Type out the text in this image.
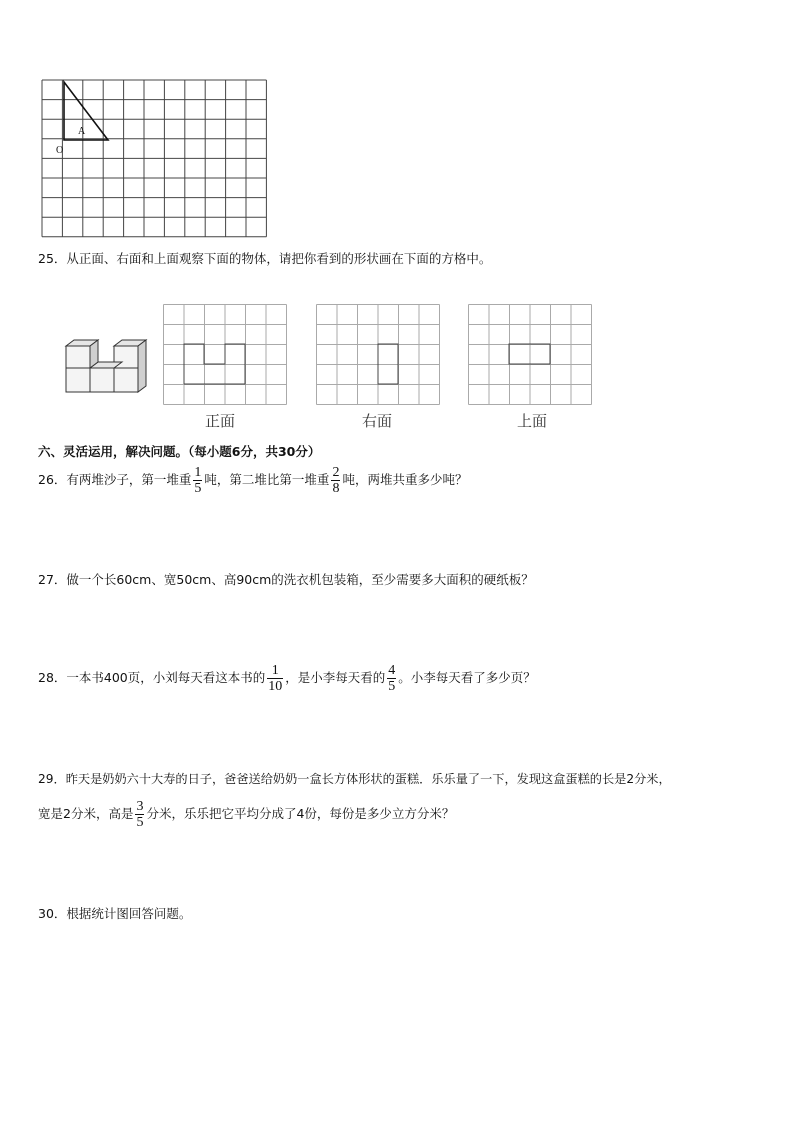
A
O
25．从正面、右面和上面观察下面的物体，请把你看到的形状画在下面的方格中。
正面	右面	上面
六、灵活运用，解决问题。（每小题6分，共30分）
26．有两堆沙子，第一堆重 $\frac{1}{5}$ 吨，第二堆比第一堆重 $\frac{2}{8}$ 吨，两堆共重多少吨？
27．做一个长60cm、宽50cm、高90cm的洗衣机包装箱，至少需要多大面积的硬纸板？
28．一本书400页，小刘每天看这本书的 $\frac{1}{10}$ ，是小李每天看的 $\frac{4}{5}$ 。小李每天看了多少页？
29．昨天是奶奶六十大寿的日子，爸爸送给奶奶一盒长方体形状的蛋糕．乐乐量了一下，发现这盒蛋糕的长是2分米，
宽是2分米，高是 $\frac{3}{5}$ 分米，乐乐把它平均分成了4份，每份是多少立方分米？
30．根据统计图回答问题。
